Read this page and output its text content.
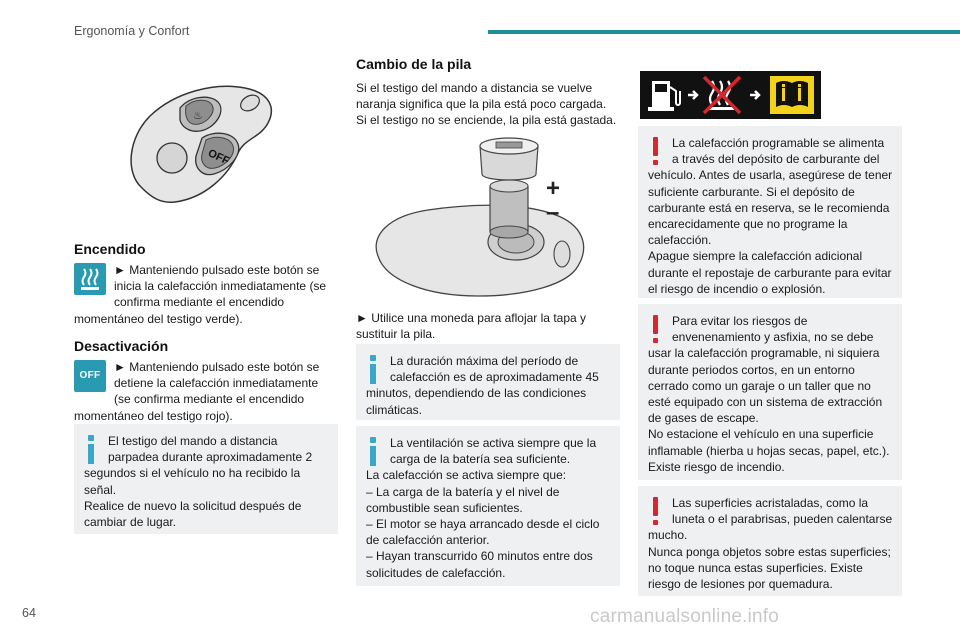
Ergonomía y Confort
♨
OFF
Encendido

► Manteniendo pulsado este botón se inicia la calefacción inmediatamente (se confirma mediante el encendido momentáneo del testigo verde).

Desactivación

OFF
► Manteniendo pulsado este botón se detiene la calefacción inmediatamente (se confirma mediante el encendido momentáneo del testigo rojo).

El testigo del mando a distancia parpadea durante aproximadamente 2 segundos si el vehículo no ha recibido la señal.
Realice de nuevo la solicitud después de cambiar de lugar.
Cambio de la pila

Si el testigo del mando a distancia se vuelve naranja significa que la pila está poco cargada. Si el testigo no se enciende, la pila está gastada.

+
–

► Utilice una moneda para aflojar la tapa y sustituir la pila.

La duración máxima del período de calefacción es de aproximadamente 45 minutos, dependiendo de las condiciones climáticas.
La ventilación se activa siempre que la carga de la batería sea suficiente.
La calefacción se activa siempre que:
– La carga de la batería y el nivel de combustible sean suficientes.
– El motor se haya arrancado desde el ciclo de calefacción anterior.
– Hayan transcurrido 60 minutos entre dos solicitudes de calefacción.
La calefacción programable se alimenta a través del depósito de carburante del vehículo. Antes de usarla, asegúrese de tener suficiente carburante. Si el depósito de carburante está en reserva, se le recomienda encarecidamente que no programe la calefacción.
Apague siempre la calefacción adicional durante el repostaje de carburante para evitar el riesgo de incendio o explosión.
Para evitar los riesgos de envenenamiento y asfixia, no se debe usar la calefacción programable, ni siquiera durante periodos cortos, en un entorno cerrado como un garaje o un taller que no esté equipado con un sistema de extracción de gases de escape.
No estacione el vehículo en una superficie inflamable (hierba u hojas secas, papel, etc.). Existe riesgo de incendio.
Las superficies acristaladas, como la luneta o el parabrisas, pueden calentarse mucho.
Nunca ponga objetos sobre estas superficies; no toque nunca estas superficies. Existe riesgo de lesiones por quemadura.
64	carmanualsonline.info
